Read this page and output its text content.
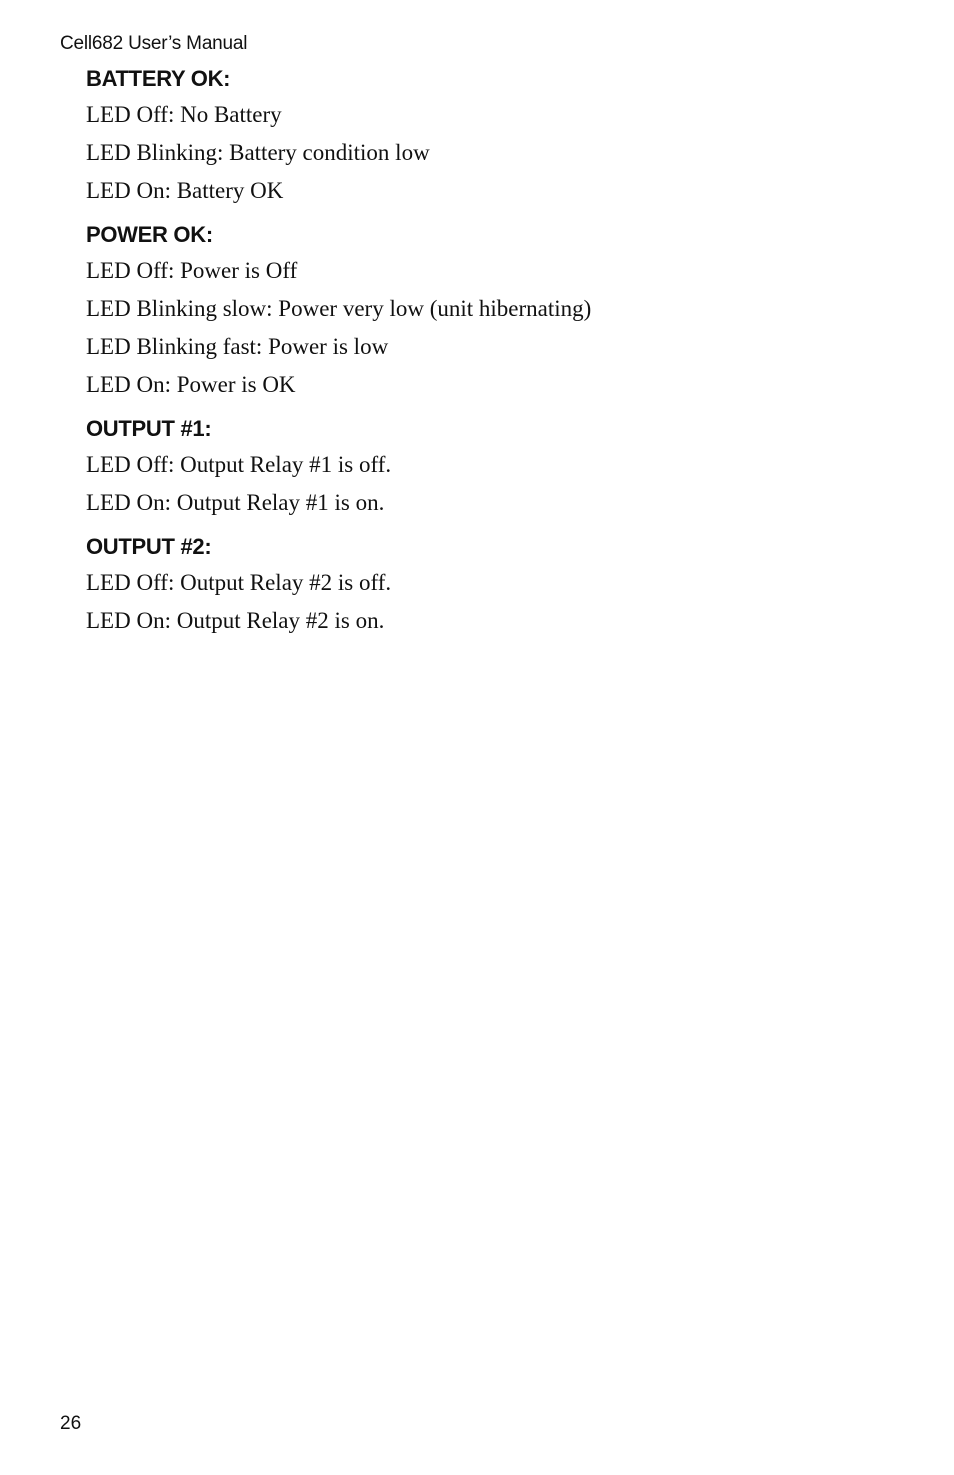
Cell682 User’s Manual
BATTERY OK:
LED Off: No Battery
LED Blinking: Battery condition low
LED On: Battery OK
POWER OK:
LED Off: Power is Off
LED Blinking slow: Power very low (unit hibernating)
LED Blinking fast: Power is low
LED On: Power is OK
OUTPUT #1:
LED Off: Output Relay #1 is off.
LED On: Output Relay #1 is on.
OUTPUT #2:
LED Off: Output Relay #2 is off.
LED On: Output Relay #2 is on.
26
